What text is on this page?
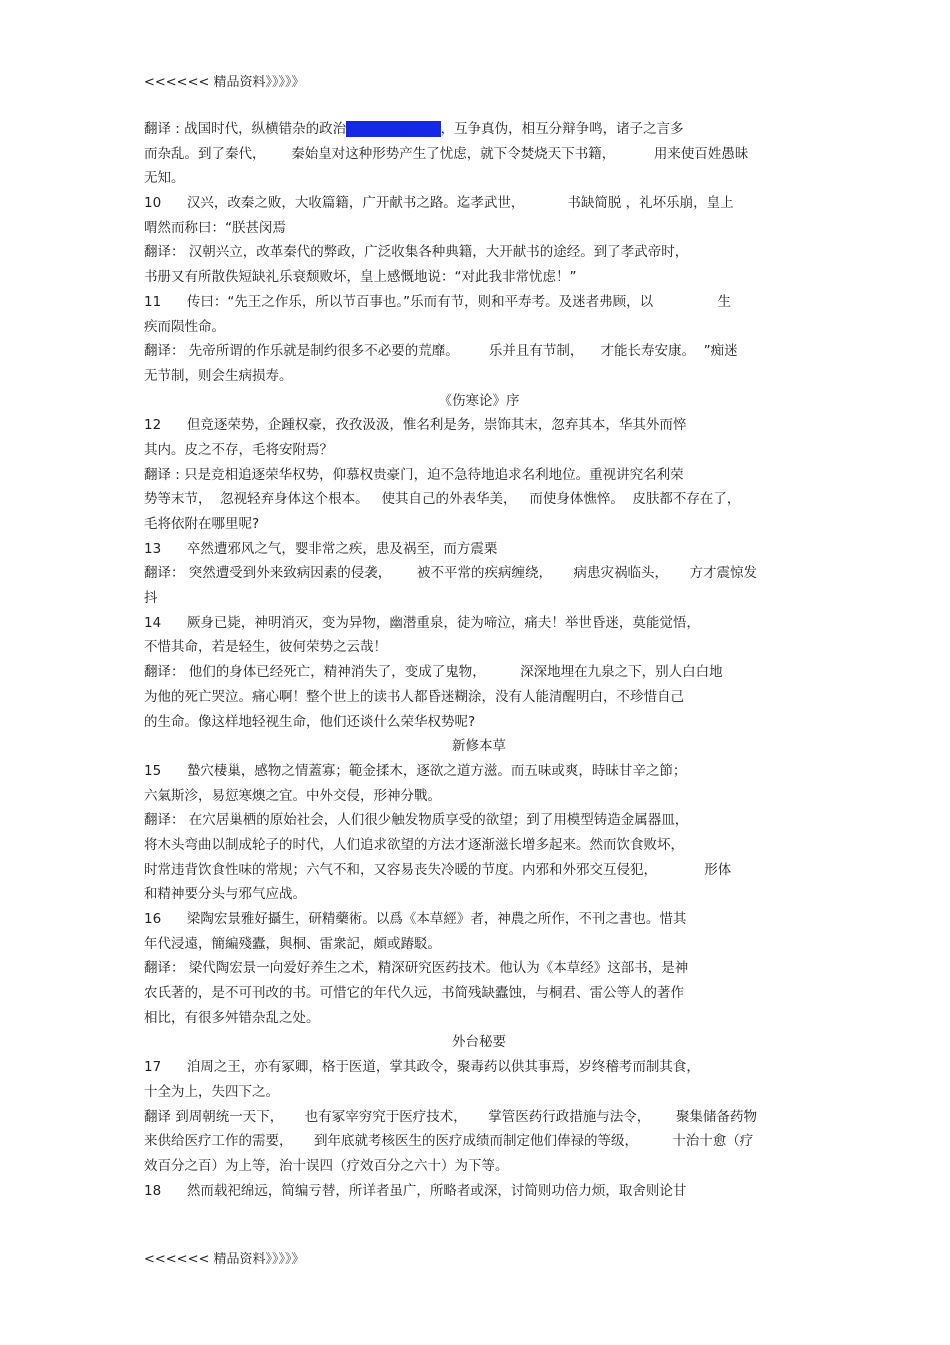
<<<<<< 精品资料》》》》》
翻译 : 战国时代，纵横错杂的政治形势，各家分立，互争真伪，相互分辩争鸣，诸子之言多
而杂乱。到了秦代，      秦始皇对这种形势产生了忧虑，就下令焚烧天下书籍，         用来使百姓愚昧
无知。
10      汉兴，改秦之败，大收篇籍，广开献书之路。迄孝武世，          书缺简脱 ，礼坏乐崩，皇上
喟然而称曰：“朕甚闵焉
翻译： 汉朝兴立，改革秦代的弊政，广泛收集各种典籍，大开献书的途经。到了孝武帝时，
书册又有所散佚短缺礼乐衰颓败坏，皇上感慨地说：“对此我非常忧虑！”
11      传曰：“先王之作乐，所以节百事也。”乐而有节，则和平寿考。及迷者弗顾，以               生
疾而陨性命。
翻译： 先帝所谓的作乐就是制约很多不必要的荒靡。       乐并且有节制，    才能长寿安康。  ”痴迷
无节制，则会生病损寿。
《伤寒论》序
12      但竞逐荣势，企踵权豪，孜孜汲汲，惟名利是务，崇饰其末，忽弃其本，华其外而悴
其内。皮之不存，毛将安附焉？
翻译 : 只是竞相追逐荣华权势，仰慕权贵豪门，迫不急待地追求名利地位。重视讲究名利荣
势等末节，  忽视轻弃身体这个根本。   使其自己的外表华美，   而使身体憔悴。  皮肤都不存在了，
毛将依附在哪里呢?
13      卒然遭邪风之气，婴非常之疾，患及祸至，而方震栗
翻译： 突然遭受到外来致病因素的侵袭，      被不平常的疾病缠绕，     病患灾祸临头，     方才震惊发
抖
14      厥身已毙，神明消灭，变为异物，幽潜重泉，徒为啼泣，痛夫！举世昏迷，莫能觉悟，
不惜其命，若是轻生，彼何荣势之云哉！
翻译： 他们的身体已经死亡，精神消失了，变成了鬼物，        深深地埋在九泉之下，别人白白地
为他的死亡哭泣。痛心啊！整个世上的读书人都昏迷糊涂，没有人能清醒明白，不珍惜自己
的生命。像这样地轻视生命，他们还谈什么荣华权势呢?
新修本草
15      蟄穴棲巢，感物之情蓋寡；範金揉木，逐欲之道方滋。而五味或爽，時昧甘辛之節；
六氣斯沴，易愆寒燠之宜。中外交侵，形神分戰。
翻译： 在穴居巢栖的原始社会，人们很少触发物质享受的欲望；到了用模型铸造金属器皿，
将木头弯曲以制成轮子的时代，人们追求欲望的方法才逐渐滋长增多起来。然而饮食败坏，
时常违背饮食性味的常规；六气不和，又容易丧失冷暖的节度。内邪和外邪交互侵犯，           形体
和精神要分头与邪气应战。
16      梁陶宏景雅好攝生，研精藥術。以爲《本草經》者，神農之所作，不刊之書也。惜其
年代浸遠，簡編殘蠹，與桐、雷衆記，頗或踳駁。
翻译： 梁代陶宏景一向爱好养生之术，精深研究医药技术。他认为《本草经》这部书，是神
农氏著的，是不可刊改的书。可惜它的年代久远，书简残缺蠹蚀，与桐君、雷公等人的著作
相比，有很多舛错杂乱之处。
外台秘要
17      洎周之王，亦有冢卿，格于医道，掌其政令，聚毒药以供其事焉，岁终稽考而制其食，
十全为上，失四下之。
翻译 到周朝统一天下，     也有冢宰穷究于医疗技术，     掌管医药行政措施与法令，      聚集储备药物
来供给医疗工作的需要，     到年底就考核医生的医疗成绩而制定他们俸禄的等级，        十治十愈（疗
效百分之百）为上等，治十误四（疗效百分之六十）为下等。
18      然而载祀绵远，简编亏替，所详者虽广，所略者或深，讨简则功倍力烦，取舍则论甘
<<<<<< 精品资料》》》》》
